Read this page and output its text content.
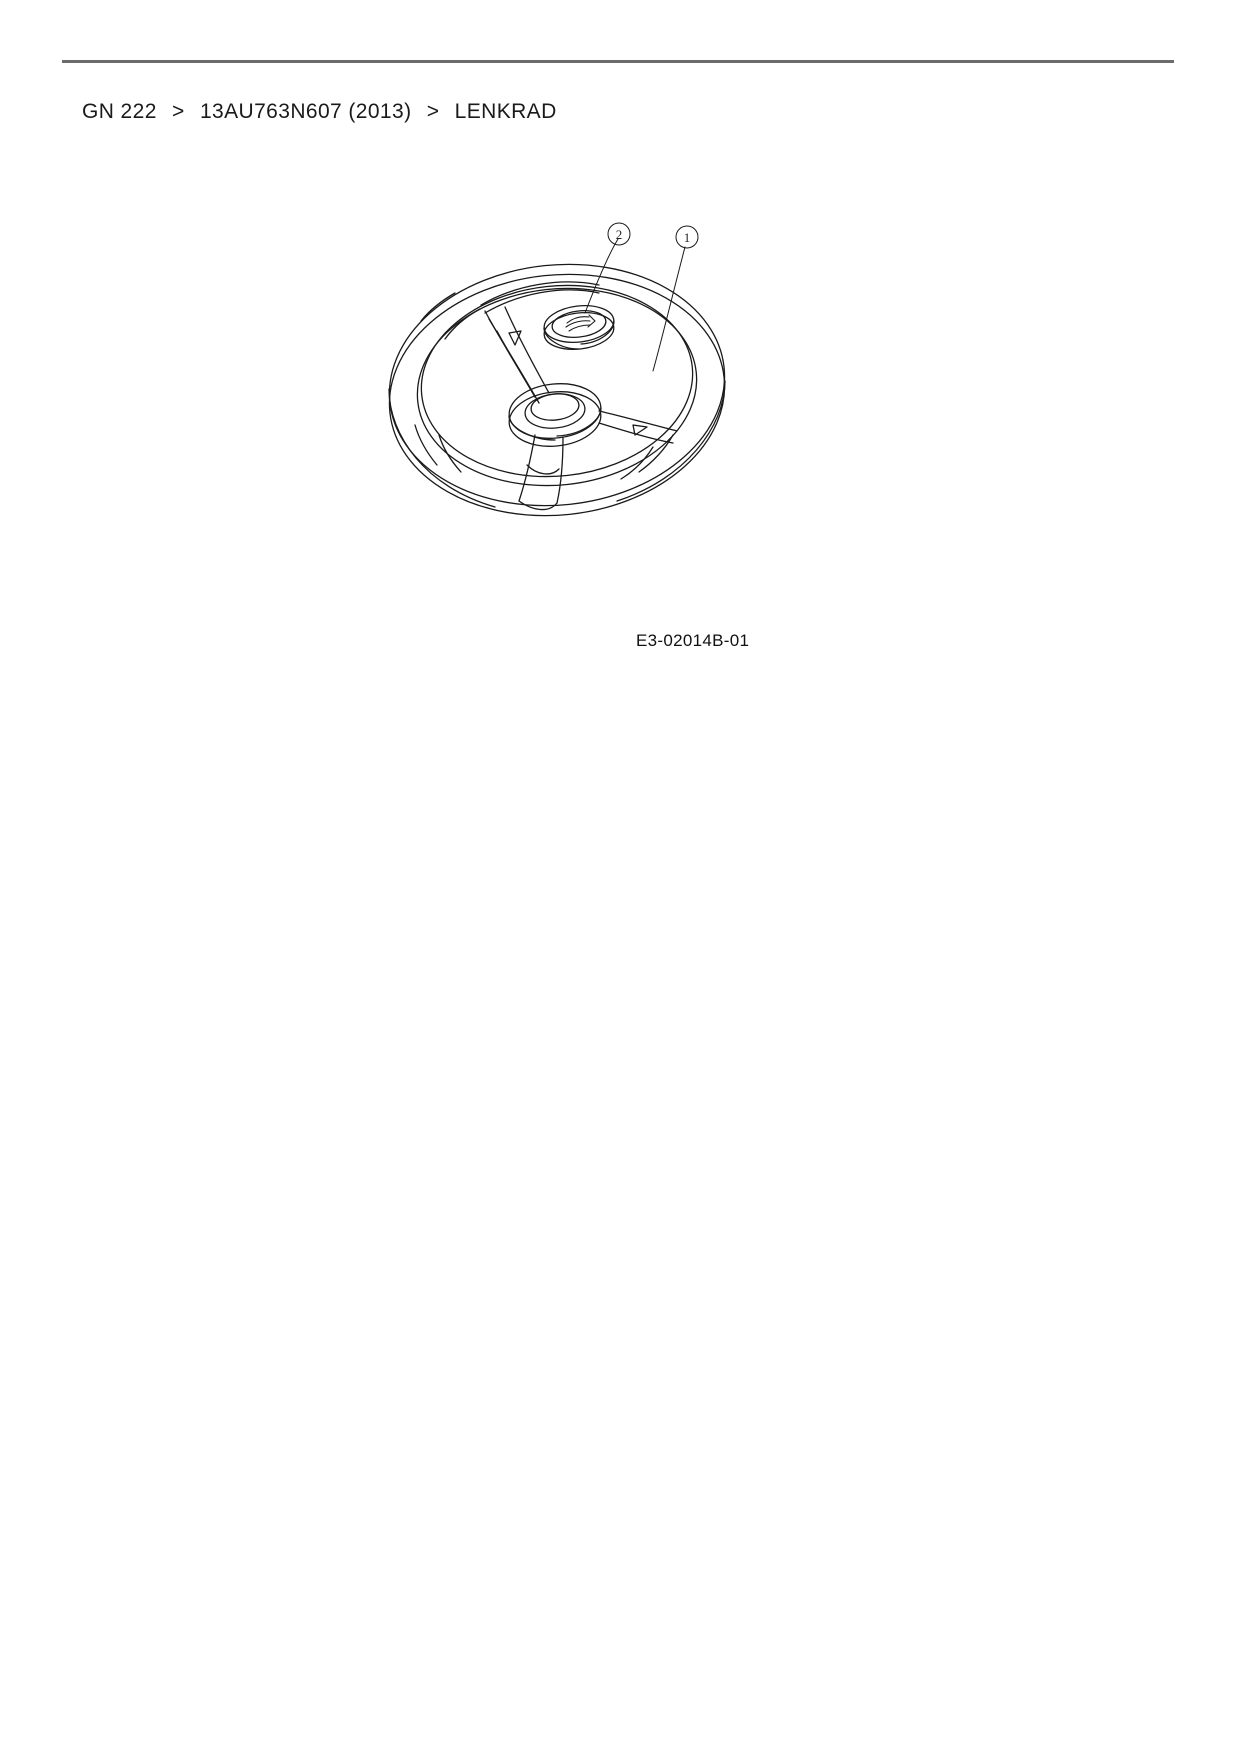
GN 222 > 13AU763N607 (2013) > LENKRAD
2	1
E3-02014B-01
